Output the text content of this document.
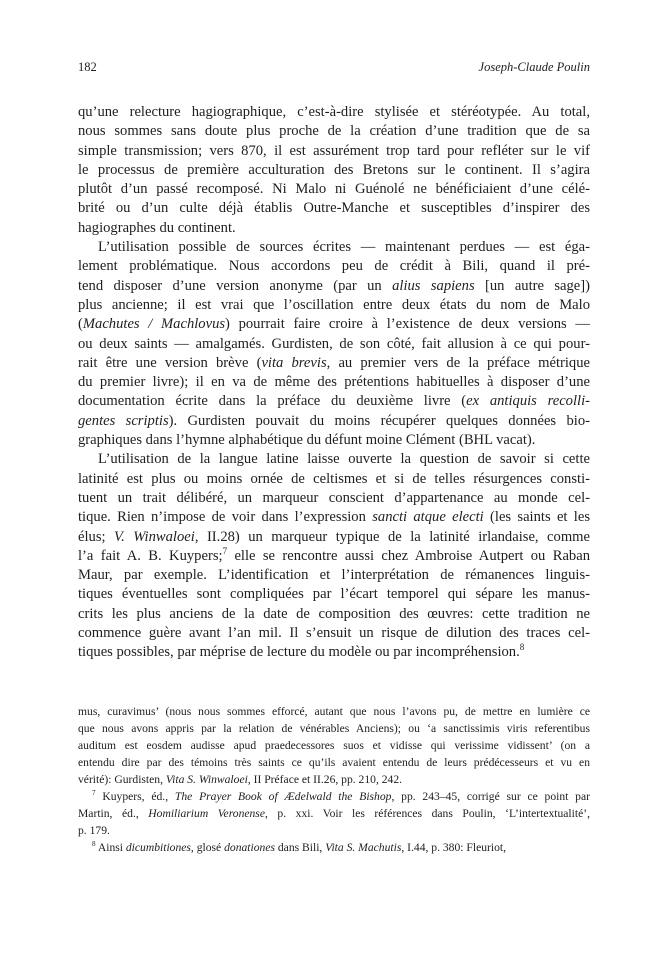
182	Joseph-Claude Poulin
qu’une relecture hagiographique, c’est-à-dire stylisée et stéréotypée. Au total,
nous sommes sans doute plus proche de la création d’une tradition que de sa
simple transmission; vers 870, il est assurément trop tard pour refléter sur le vif
le processus de première acculturation des Bretons sur le continent. Il s’agira
plutôt d’un passé recomposé. Ni Malo ni Guénolé ne bénéficiaient d’une célé-
brité ou d’un culte déjà établis Outre-Manche et susceptibles d’inspirer des
hagiographes du continent.
L’utilisation possible de sources écrites — maintenant perdues — est éga-
lement problématique. Nous accordons peu de crédit à Bili, quand il pré-
tend disposer d’une version anonyme (par un alius sapiens [un autre sage])
plus ancienne; il est vrai que l’oscillation entre deux états du nom de Malo
(Machutes / Machlovus) pourrait faire croire à l’existence de deux versions —
ou deux saints — amalgamés. Gurdisten, de son côté, fait allusion à ce qui pour-
rait être une version brève (vita brevis, au premier vers de la préface métrique
du premier livre); il en va de même des prétentions habituelles à disposer d’une
documentation écrite dans la préface du deuxième livre (ex antiquis recolli-
gentes scriptis). Gurdisten pouvait du moins récupérer quelques données bio-
graphiques dans l’hymne alphabétique du défunt moine Clément (BHL vacat).
L’utilisation de la langue latine laisse ouverte la question de savoir si cette
latinité est plus ou moins ornée de celtismes et si de telles résurgences consti-
tuent un trait délibéré, un marqueur conscient d’appartenance au monde cel-
tique. Rien n’impose de voir dans l’expression sancti atque electi (les saints et les
élus; V. Winwaloei, II.28) un marqueur typique de la latinité irlandaise, comme
l’a fait A. B. Kuypers;$^7$ elle se rencontre aussi chez Ambroise Autpert ou Raban
Maur, par exemple. L’identification et l’interprétation de rémanences linguis-
tiques éventuelles sont compliquées par l’écart temporel qui sépare les manus-
crits les plus anciens de la date de composition des œuvres: cette tradition ne
commence guère avant l’an mil. Il s’ensuit un risque de dilution des traces cel-
tiques possibles, par méprise de lecture du modèle ou par incompréhension.$^8$
mus, curavimus’ (nous nous sommes efforcé, autant que nous l’avons pu, de mettre en lumière ce
que nous avons appris par la relation de vénérables Anciens); ou ‘a sanctissimis viris referentibus
auditum est eosdem audisse apud praedecessores suos et vidisse qui verissime vidissent’ (on a
entendu dire par des témoins très saints ce qu’ils avaient entendu de leurs prédécesseurs et vu en
vérité): Gurdisten, Vita S. Winwaloei, II Préface et II.26, pp. 210, 242.
$^7$ Kuypers, éd., The Prayer Book of Ædelwald the Bishop, pp. 243–45, corrigé sur ce point par
Martin, éd., Homiliarium Veronense, p. xxi. Voir les références dans Poulin, ‘L’intertextualité’,
p. 179.
$^8$ Ainsi dicumbitiones, glosé donationes dans Bili, Vita S. Machutis, I.44, p. 380: Fleuriot,
